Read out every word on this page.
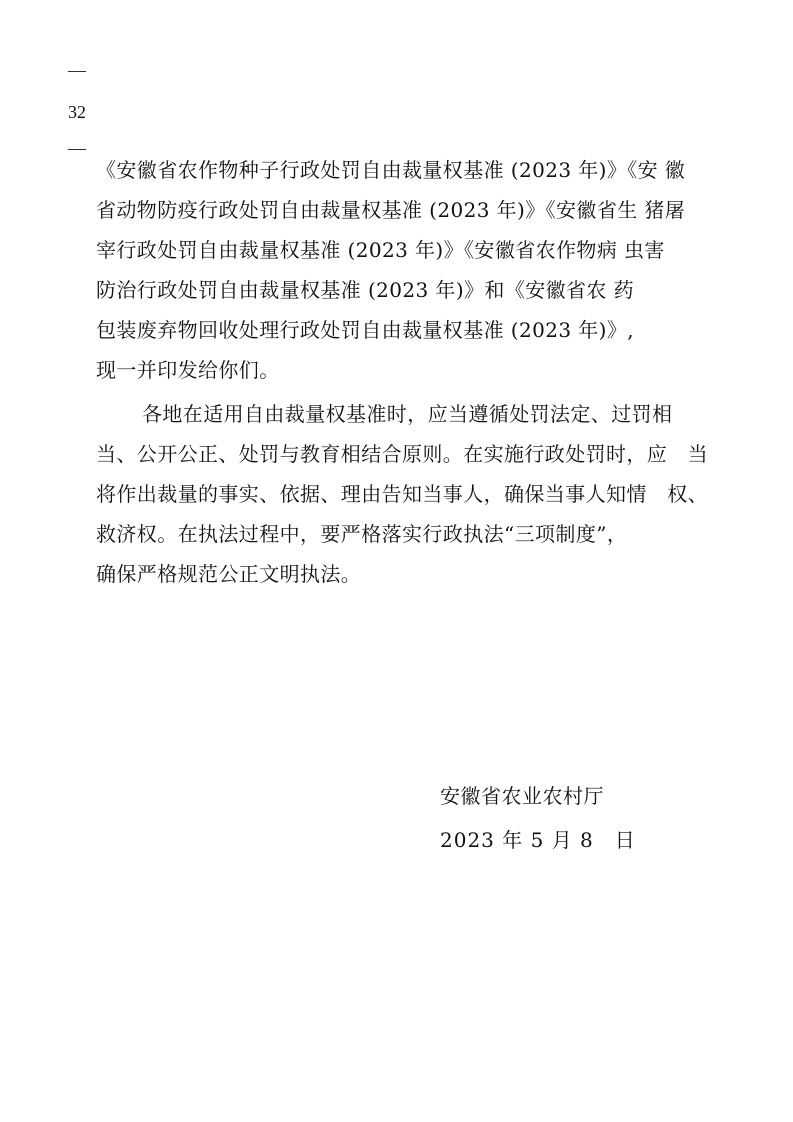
—
32
—
《安徽省农作物种子行政处罚自由裁量权基准 (2023 年)》《安 徽
省动物防疫行政处罚自由裁量权基准 (2023 年)》《安徽省生 猪屠
宰行政处罚自由裁量权基准 (2023 年)》《安徽省农作物病 虫害
防治行政处罚自由裁量权基准 (2023 年)》和《安徽省农 药
包装废弃物回收处理行政处罚自由裁量权基准 (2023 年)》,
现一并印发给你们。
各地在适用自由裁量权基准时，应当遵循处罚法定、过罚相
当、公开公正、处罚与教育相结合原则。在实施行政处罚时，应　当
将作出裁量的事实、依据、理由告知当事人，确保当事人知情　权、
救济权。在执法过程中，要严格落实行政执法“三项制度”，
确保严格规范公正文明执法。
安徽省农业农村厅
2023 年 5 月 8　日
